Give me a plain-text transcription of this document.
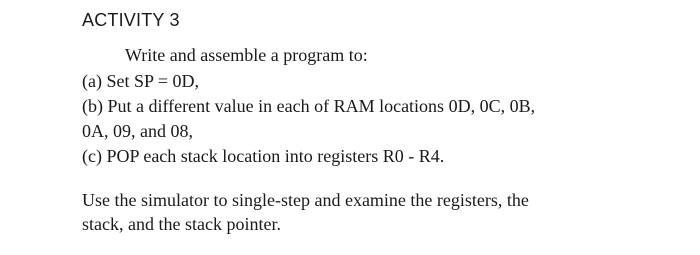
ACTIVITY 3
Write and assemble a program to:
(a) Set SP = 0D,
(b) Put a different value in each of RAM locations 0D, 0C, 0B,
0A, 09, and 08,
(c) POP each stack location into registers R0 - R4.
Use the simulator to single-step and examine the registers, the
stack, and the stack pointer.
